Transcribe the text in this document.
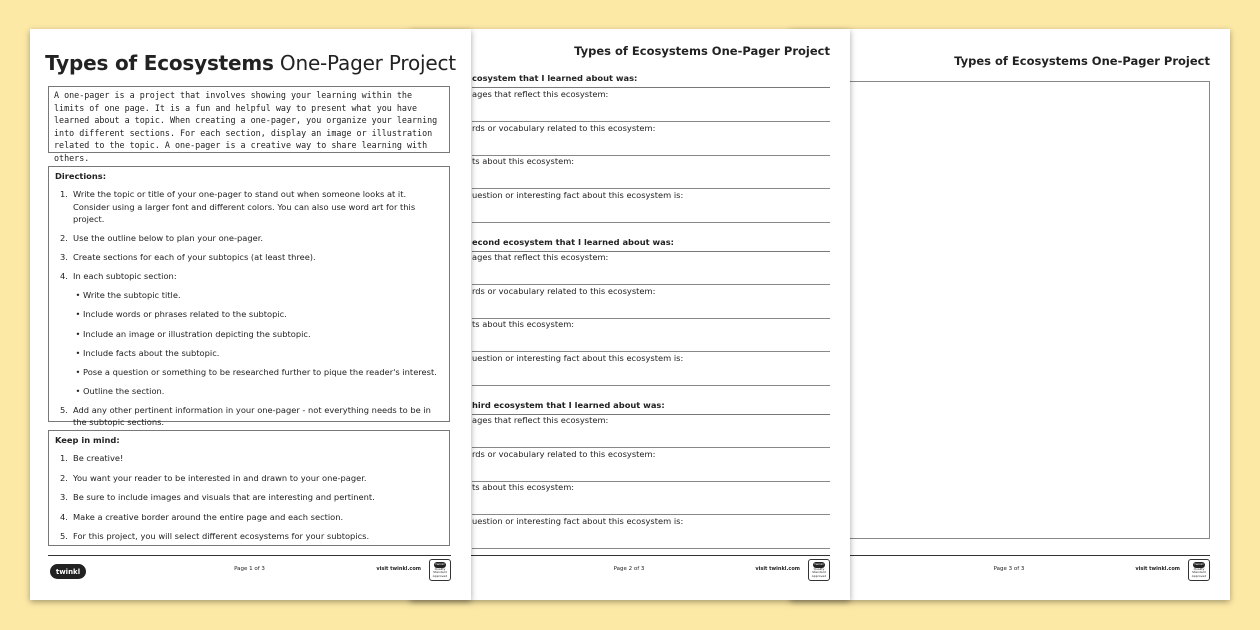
Types of Ecosystems One-Pager Project
Page 3 of 3	visit twinkl.com
twinkl
Quality Standard Approved
Types of Ecosystems One-Pager Project
cosystem that I learned about was:
ages that reflect this ecosystem:
rds or vocabulary related to this ecosystem:
ts about this ecosystem:
uestion or interesting fact about this ecosystem is:
econd ecosystem that I learned about was:
ages that reflect this ecosystem:
rds or vocabulary related to this ecosystem:
ts about this ecosystem:
uestion or interesting fact about this ecosystem is:
hird ecosystem that I learned about was:
ages that reflect this ecosystem:
rds or vocabulary related to this ecosystem:
ts about this ecosystem:
uestion or interesting fact about this ecosystem is:
Page 2 of 3	visit twinkl.com
twinkl
Quality Standard Approved
Types of Ecosystems One-Pager Project
A one-pager is a project that involves showing your learning within the limits of one page. It is a fun and helpful way to present what you have learned about a topic. When creating a one-pager, you organize your learning into different sections. For each section, display an image or illustration related to the topic. A one-pager is a creative way to share learning with others.
Directions:
1. Write the topic or title of your one-pager to stand out when someone looks at it. Consider using a larger font and different colors. You can also use word art for this project.
2. Use the outline below to plan your one-pager.
3. Create sections for each of your subtopics (at least three).
4. In each subtopic section:
• Write the subtopic title.
• Include words or phrases related to the subtopic.
• Include an image or illustration depicting the subtopic.
• Include facts about the subtopic.
• Pose a question or something to be researched further to pique the reader's interest.
• Outline the section.
5. Add any other pertinent information in your one-pager - not everything needs to be in the subtopic sections.
Keep in mind:
1. Be creative!
2. You want your reader to be interested in and drawn to your one-pager.
3. Be sure to include images and visuals that are interesting and pertinent.
4. Make a creative border around the entire page and each section.
5. For this project, you will select different ecosystems for your subtopics.
twinkl	Page 1 of 3	visit twinkl.com
twinkl
Quality Standard Approved
